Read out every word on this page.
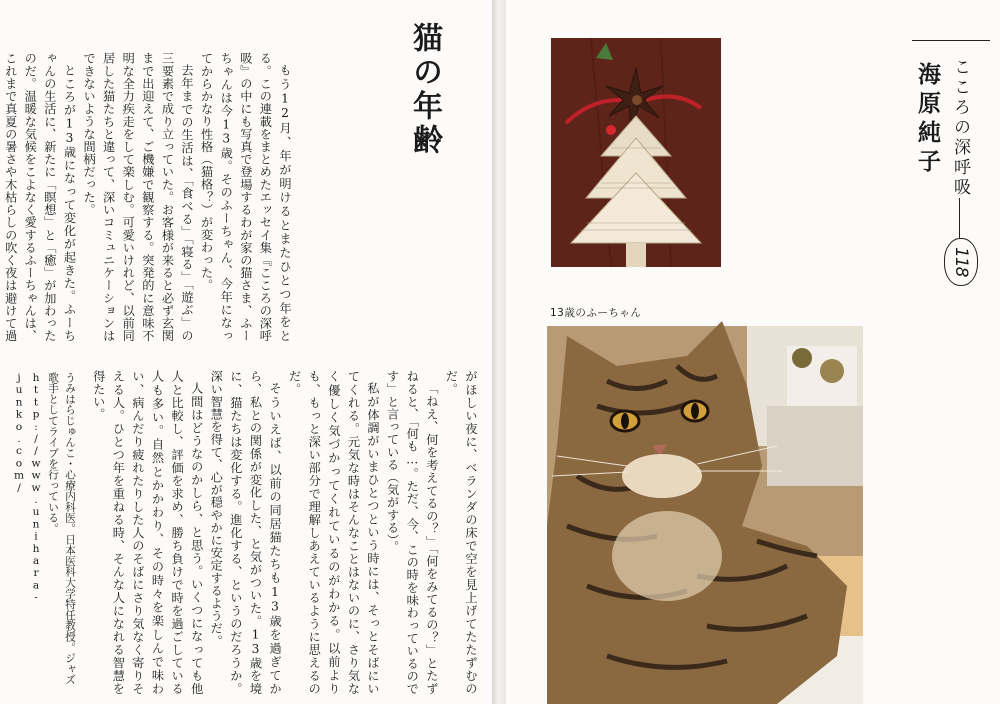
猫の年齢

もう12月、年が明けるとまたひとつ年をとる。この連載をまとめたエッセイ集『こころの深呼吸』の中にも写真で登場するわが家の猫さま、ふーちゃんは今13歳。そのふーちゃん、今年になってからかなり性格（猫格？）が変わった。

去年までの生活は、「食べる」「寝る」「遊ぶ」の三要素で成り立っていた。お客様が来ると必ず玄関まで出迎えて、ご機嫌で観察する。突発的に意味不明な全力疾走をして楽しむ。可愛いけれど、以前同居した猫たちと違って、深いコミュニケーションはできないような間柄だった。

ところが13歳になって変化が起きた。ふーちゃんの生活に、新たに「瞑想」と「癒」が加わったのだ。温暖な気候をこよなく愛するふーちゃんは、これまで真夏の暑さや木枯らしの吹く夜は避けて過

がほしい夜に、ベランダの床で空を見上げてたたずむのだ。

「ねえ、何を考えてるの？」「何をみてるの？」とたずねると、「何も…。ただ、今、この時を味わっているのです」と言っている（気がする）。

私が体調がいまひとつという時には、そっとそばにいてくれる。元気な時はそんなことはないのに、さり気なく優しく気づかってくれているのがわかる。以前よりも、もっと深い部分で理解しあえているように思えるのだ。

そういえば、以前の同居猫たちも13歳を過ぎてから、私との関係が変化した、と気がついた。13歳を境に、猫たちは変化する。進化する、というのだろうか。深い智慧を得て、心が穏やかに安定するようだ。

人間はどうなのかしら、と思う。いくつになっても他人と比較し、評価を求め、勝ち負けで時を過ごしている人も多い。自然とかかわり、その時々を楽しんで味わい、病んだり疲れたりした人のそばにさり気なく寄りそえる人。ひとつ年を重ねる時、そんな人になれる智慧を得たい。

うみはらじゅんこ・心療内科医。日本医科大学特任教授。ジャズ歌手としてライブを行っている。http://www.unihara-junko.com/
こころの深呼吸
海原純子
118
13歳のふーちゃん
